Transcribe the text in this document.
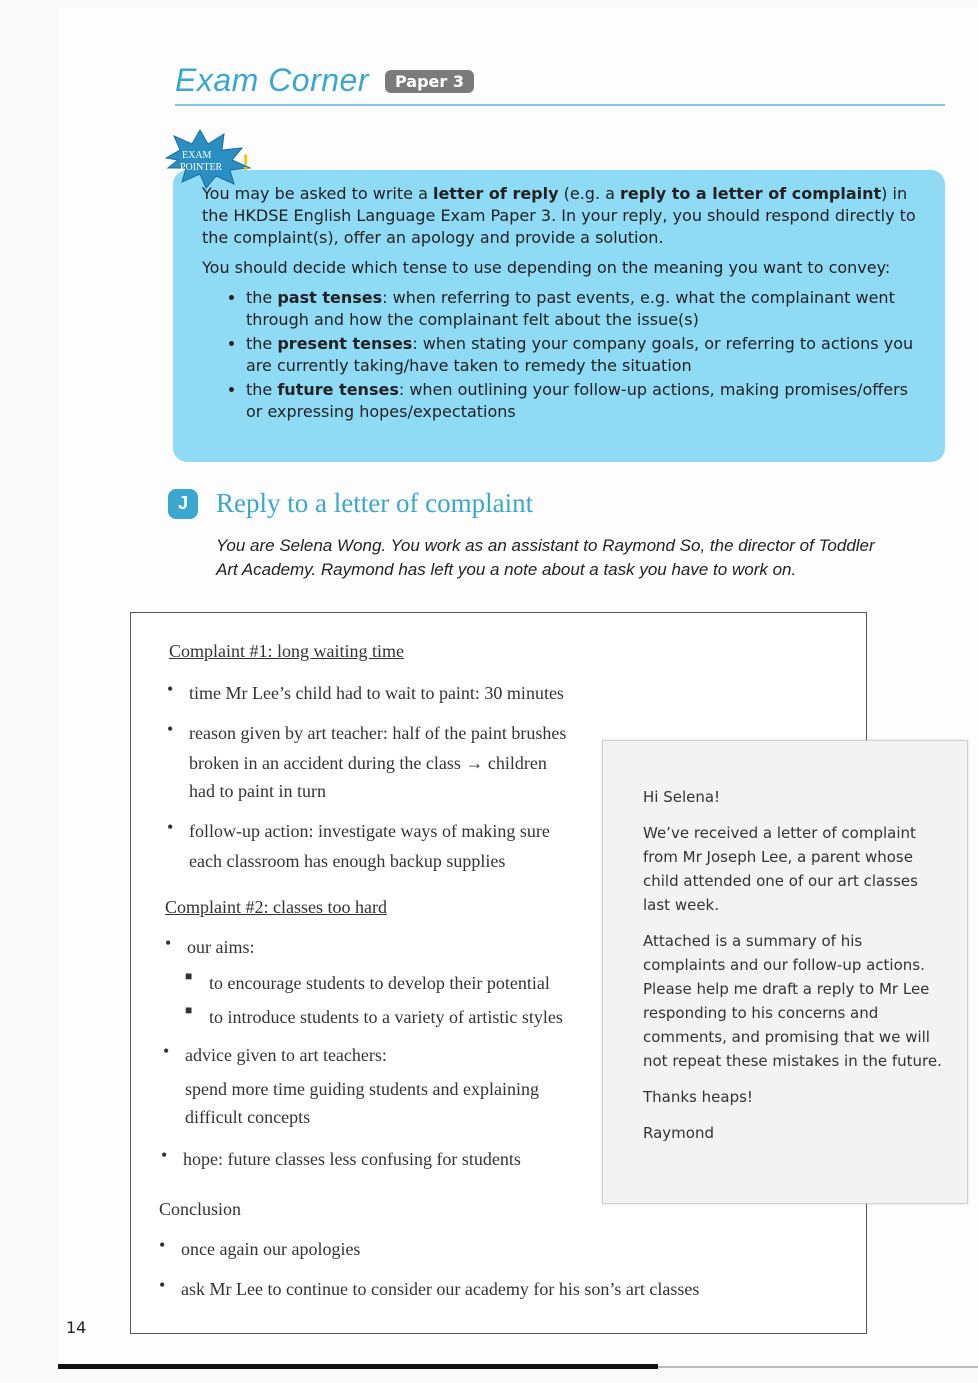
Exam Corner	Paper 3
EXAM
POINTER !

You may be asked to write a letter of reply (e.g. a reply to a letter of complaint) in the HKDSE English Language Exam Paper 3. In your reply, you should respond directly to the complaint(s), offer an apology and provide a solution.

You should decide which tense to use depending on the meaning you want to convey:

• the past tenses: when referring to past events, e.g. what the complainant went through and how the complainant felt about the issue(s)
• the present tenses: when stating your company goals, or referring to actions you are currently taking/have taken to remedy the situation
• the future tenses: when outlining your follow-up actions, making promises/offers or expressing hopes/expectations
J	Reply to a letter of complaint
You are Selena Wong. You work as an assistant to Raymond So, the director of Toddler Art Academy. Raymond has left you a note about a task you have to work on.
Complaint #1: long waiting time
• time Mr Lee’s child had to wait to paint: 30 minutes
• reason given by art teacher: half of the paint brushes
broken in an accident during the class → children
had to paint in turn
• follow-up action: investigate ways of making sure
each classroom has enough backup supplies
Complaint #2: classes too hard
• our aims:
■ to encourage students to develop their potential
■ to introduce students to a variety of artistic styles
• advice given to art teachers:
spend more time guiding students and explaining
difficult concepts
• hope: future classes less confusing for students
Conclusion
• once again our apologies
• ask Mr Lee to continue to consider our academy for his son’s art classes

Hi Selena!

We’ve received a letter of complaint from Mr Joseph Lee, a parent whose child attended one of our art classes last week.

Attached is a summary of his complaints and our follow-up actions. Please help me draft a reply to Mr Lee responding to his concerns and comments, and promising that we will not repeat these mistakes in the future.

Thanks heaps!

Raymond

14
